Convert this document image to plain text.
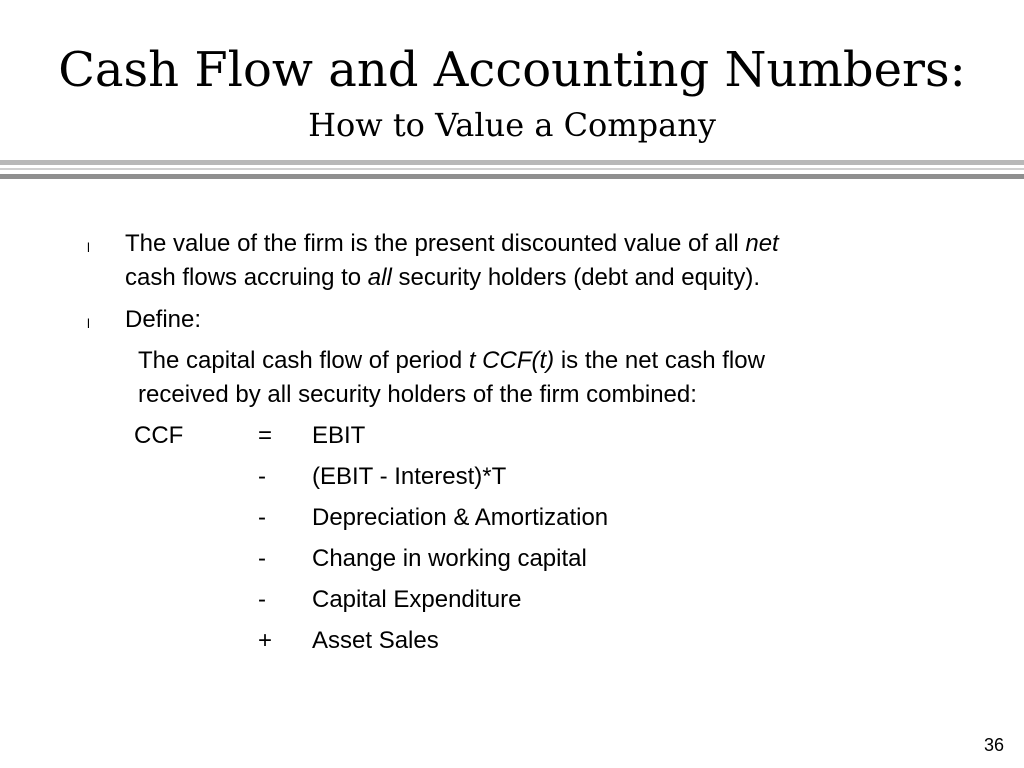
Cash Flow and Accounting Numbers:
How to Value a Company
l The value of the firm is the present discounted value of all net
cash flows accruing to all security holders (debt and equity).
l Define:
The capital cash flow of period t CCF(t) is the net cash flow
received by all security holders of the firm combined:
CCF	= EBIT
- (EBIT - Interest)*T
- Depreciation & Amortization
- Change in working capital
- Capital Expenditure
+ Asset Sales
36
